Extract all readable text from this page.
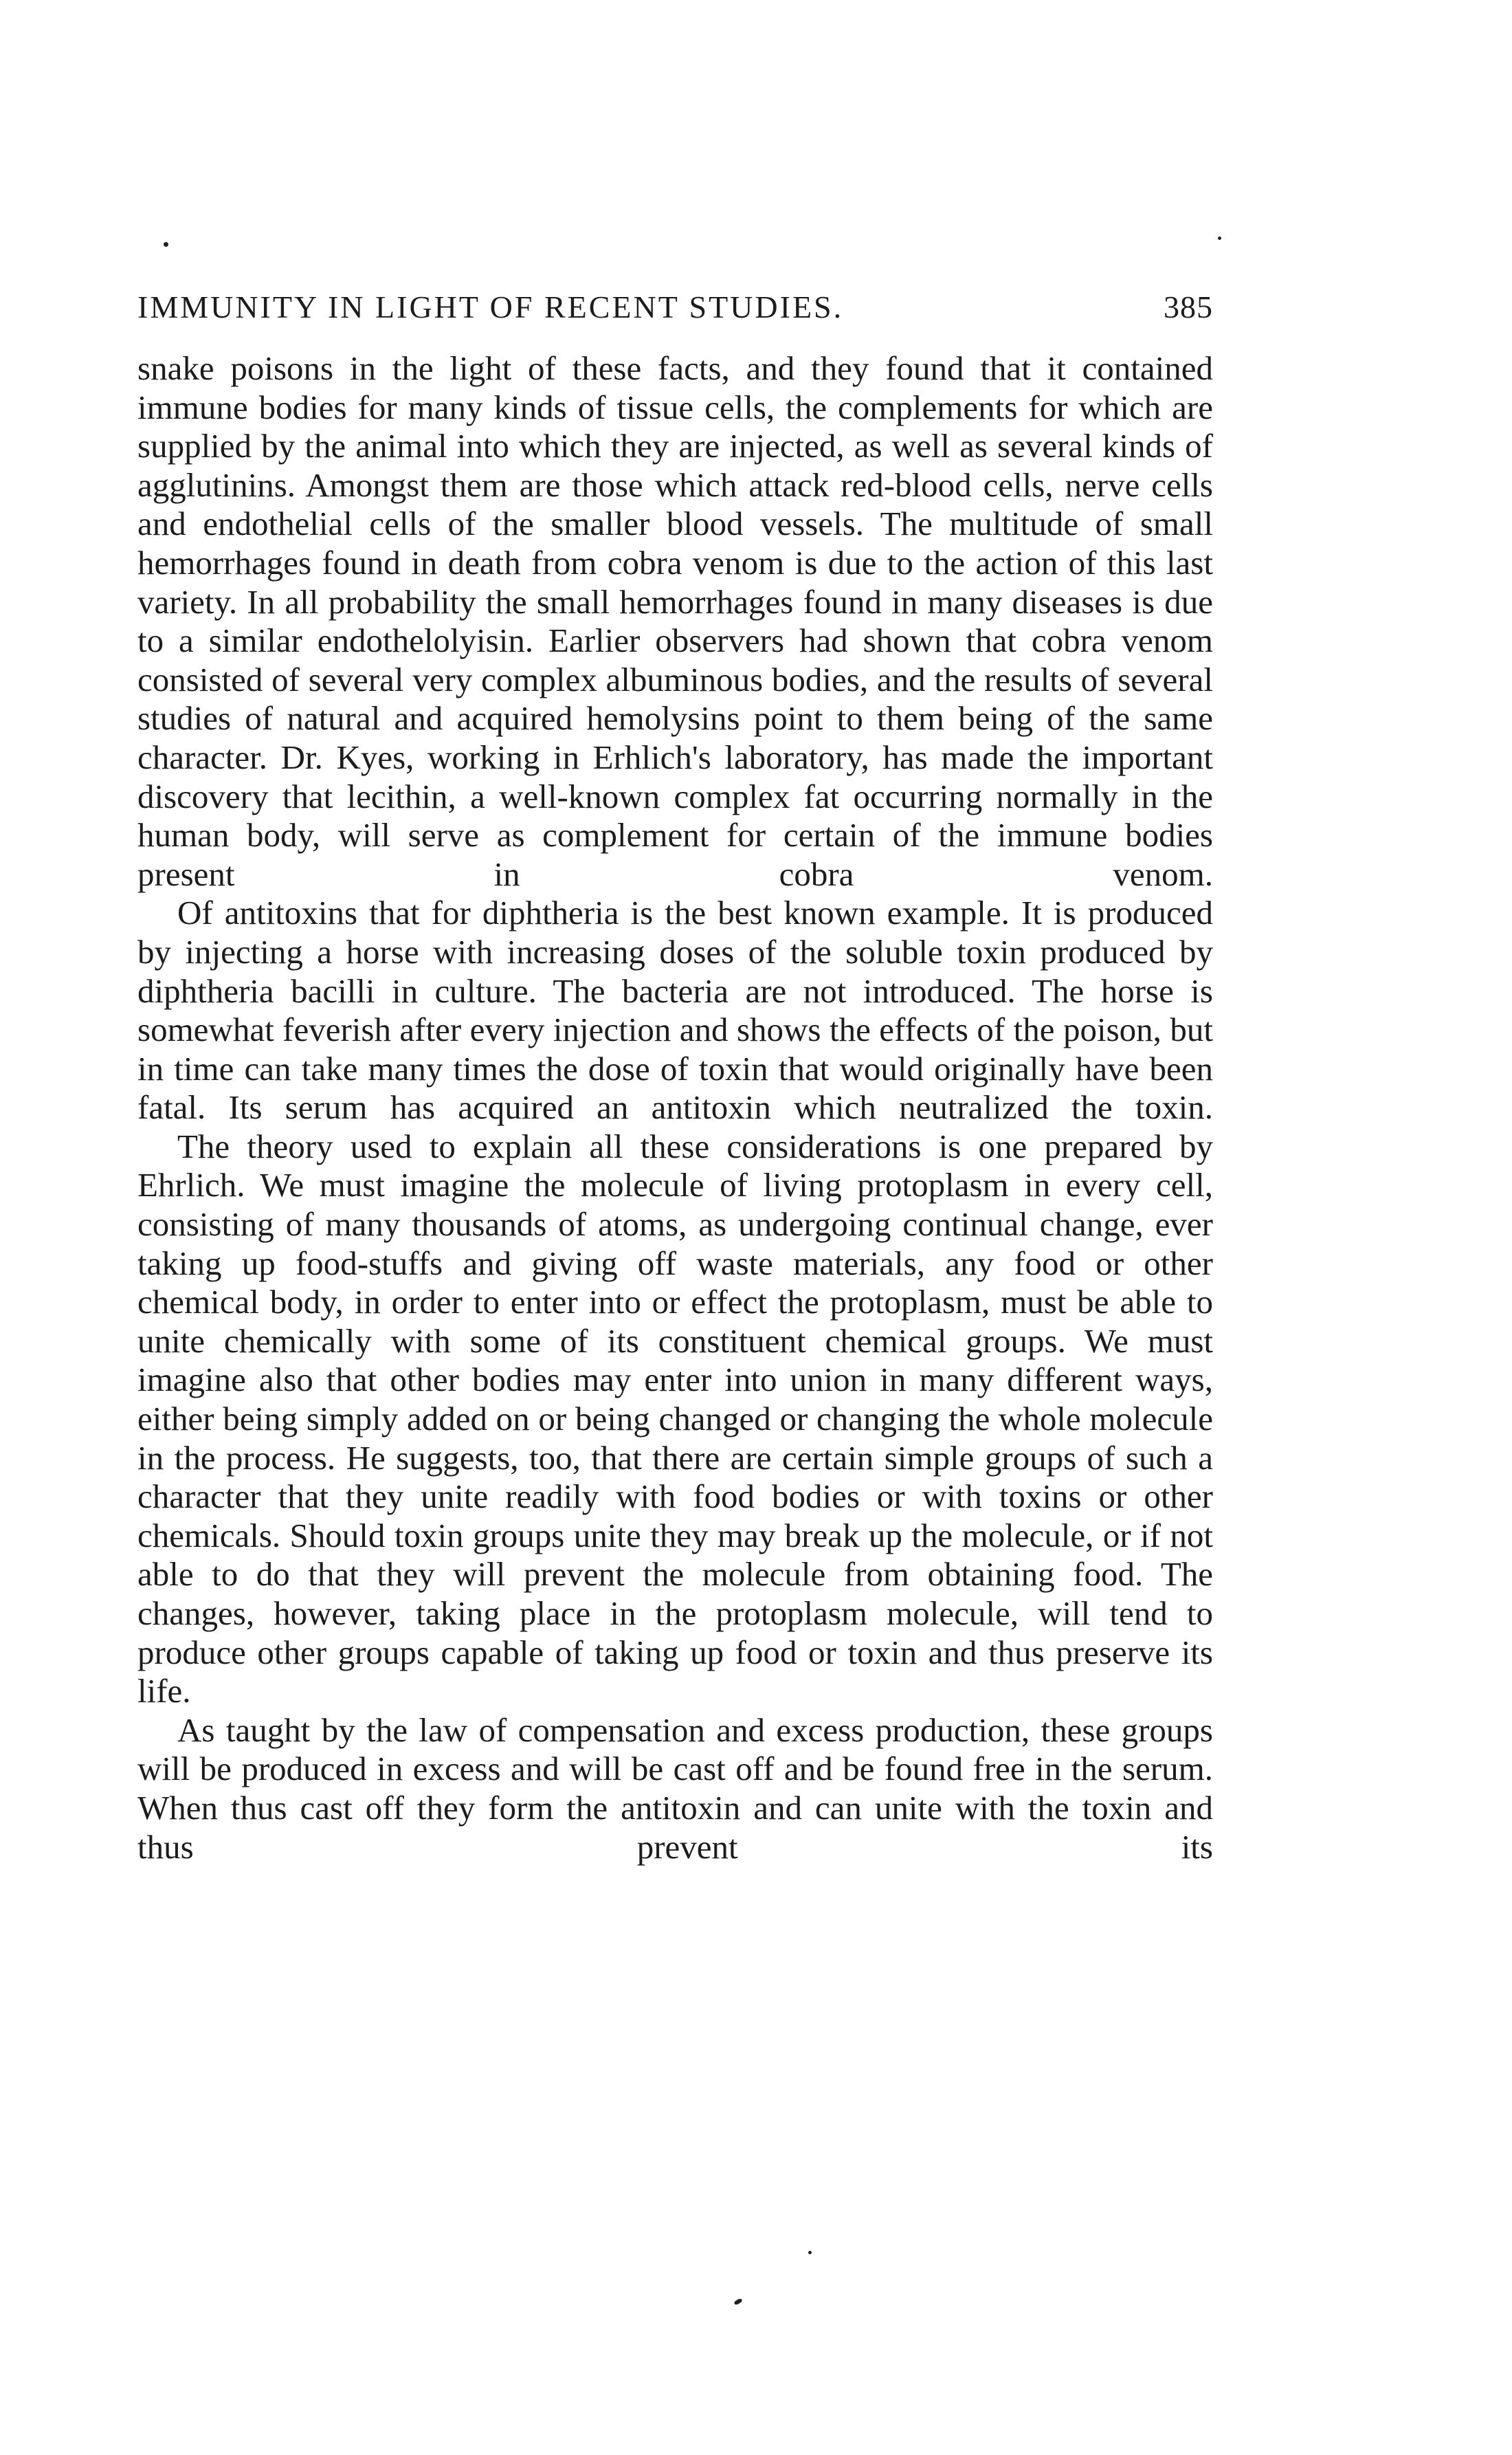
IMMUNITY IN LIGHT OF RECENT STUDIES.	385

snake poisons in the light of these facts, and they found that it contained immune bodies for many kinds of tissue cells, the complements for which are supplied by the animal into which they are injected, as well as several kinds of agglutinins. Amongst them are those which attack red-blood cells, nerve cells and endothelial cells of the smaller blood vessels. The multitude of small hemorrhages found in death from cobra venom is due to the action of this last variety. In all probability the small hemorrhages found in many diseases is due to a similar endothelolyisin. Earlier observers had shown that cobra venom consisted of several very complex albuminous bodies, and the results of several studies of natural and acquired hemolysins point to them being of the same character. Dr. Kyes, working in Erhlich's laboratory, has made the important discovery that lecithin, a well-known complex fat occurring normally in the human body, will serve as complement for certain of the immune bodies present in cobra venom.

Of antitoxins that for diphtheria is the best known example. It is produced by injecting a horse with increasing doses of the soluble toxin produced by diphtheria bacilli in culture. The bacteria are not introduced. The horse is somewhat feverish after every injection and shows the effects of the poison, but in time can take many times the dose of toxin that would originally have been fatal. Its serum has acquired an antitoxin which neutralized the toxin.

The theory used to explain all these considerations is one prepared by Ehrlich. We must imagine the molecule of living protoplasm in every cell, consisting of many thousands of atoms, as undergoing continual change, ever taking up food-stuffs and giving off waste materials, any food or other chemical body, in order to enter into or effect the protoplasm, must be able to unite chemically with some of its constituent chemical groups. We must imagine also that other bodies may enter into union in many different ways, either being simply added on or being changed or changing the whole molecule in the process. He suggests, too, that there are certain simple groups of such a character that they unite readily with food bodies or with toxins or other chemicals. Should toxin groups unite they may break up the molecule, or if not able to do that they will prevent the molecule from obtaining food. The changes, however, taking place in the protoplasm molecule, will tend to produce other groups capable of taking up food or toxin and thus preserve its life.

As taught by the law of compensation and excess production, these groups will be produced in excess and will be cast off and be found free in the serum. When thus cast off they form the antitoxin and can unite with the toxin and thus prevent its
